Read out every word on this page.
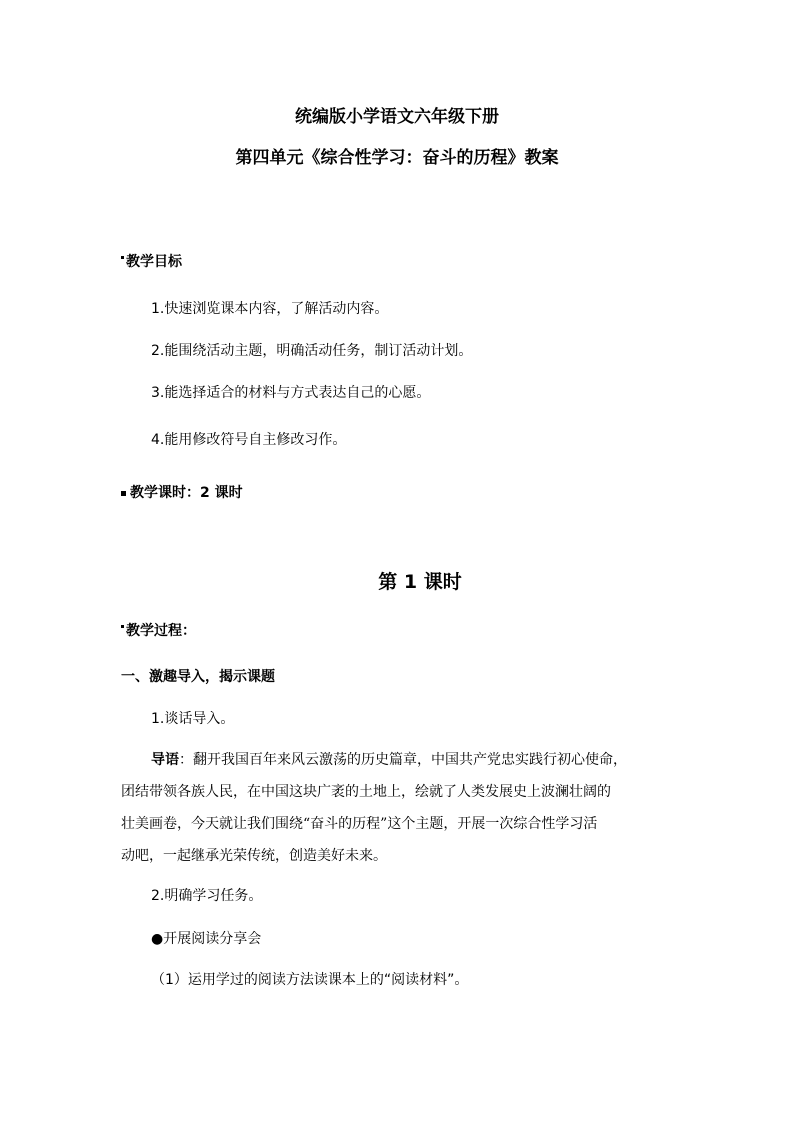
统编版小学语文六年级下册
第四单元《综合性学习：奋斗的历程》教案
教学目标
1.快速浏览课本内容，了解活动内容。
2.能围绕活动主题，明确活动任务，制订活动计划。
3.能选择适合的材料与方式表达自己的心愿。
4.能用修改符号自主修改习作。
教学课时：2 课时
第 1 课时
教学过程：
一、激趣导入，揭示课题
1.谈话导入。
导语：翻开我国百年来风云激荡的历史篇章，中国共产党忠实践行初心使命，
团结带领各族人民，在中国这块广袤的土地上，绘就了人类发展史上波澜壮阔的
壮美画卷，今天就让我们围绕“奋斗的历程”这个主题，开展一次综合性学习活
动吧，一起继承光荣传统，创造美好未来。
2.明确学习任务。
●开展阅读分享会
（1）运用学过的阅读方法读课本上的“阅读材料”。
